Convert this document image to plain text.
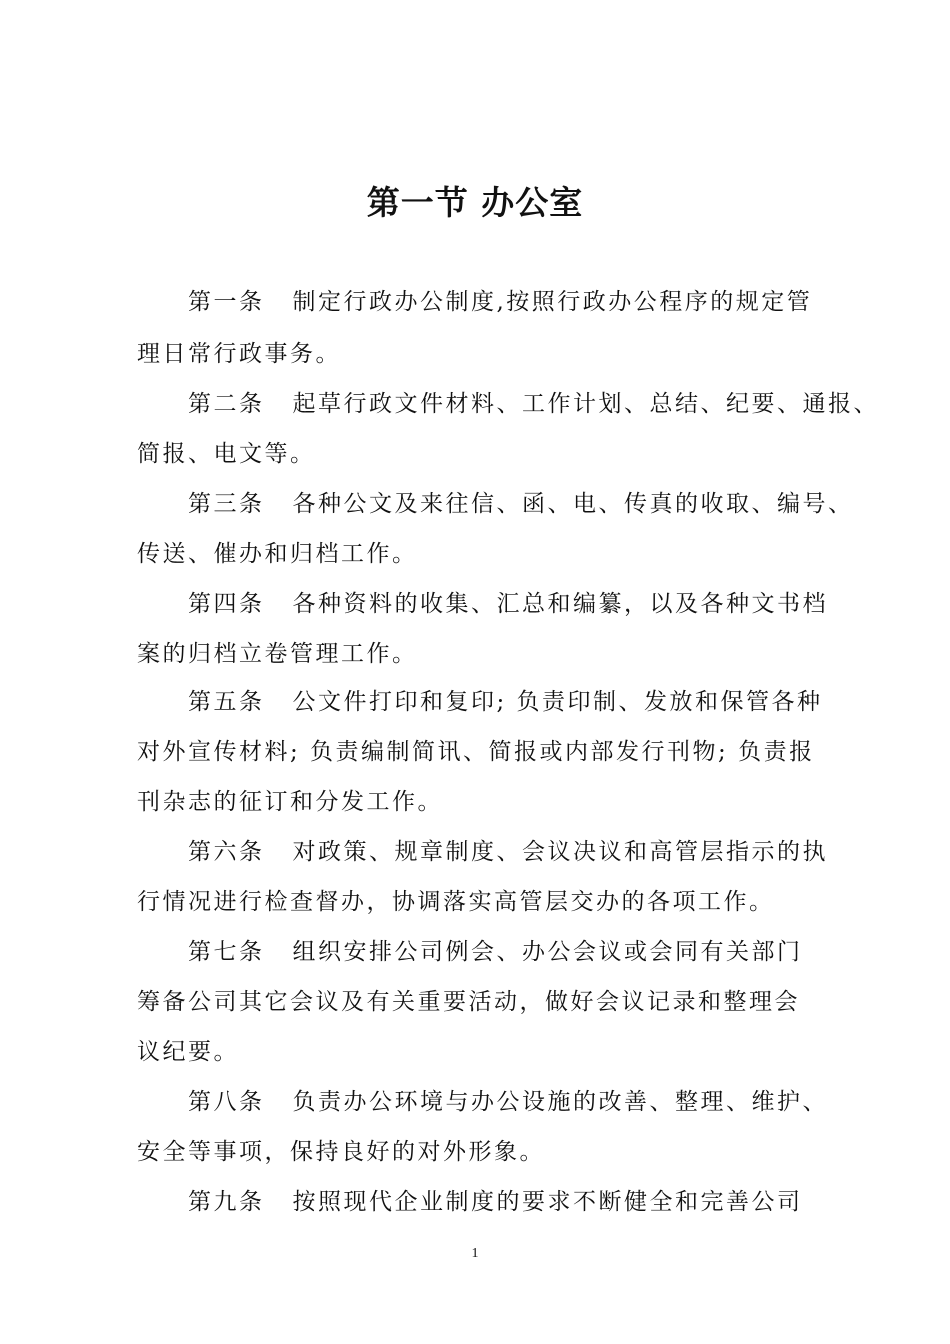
第一节 办公室
第一条 制定行政办公制度,按照行政办公程序的规定管
理日常行政事务。
第二条 起草行政文件材料、工作计划、总结、纪要、通报、
简报、电文等。
第三条 各种公文及来往信、函、电、传真的收取、编号、
传送、催办和归档工作。
第四条 各种资料的收集、汇总和编纂，以及各种文书档
案的归档立卷管理工作。
第五条 公文件打印和复印; 负责印制、发放和保管各种
对外宣传材料; 负责编制简讯、简报或内部发行刊物; 负责报
刊杂志的征订和分发工作。
第六条 对政策、规章制度、会议决议和高管层指示的执
行情况进行检查督办，协调落实高管层交办的各项工作。
第七条 组织安排公司例会、办公会议或会同有关部门
筹备公司其它会议及有关重要活动，做好会议记录和整理会
议纪要。
第八条 负责办公环境与办公设施的改善、整理、维护、
安全等事项，保持良好的对外形象。
第九条 按照现代企业制度的要求不断健全和完善公司
1
